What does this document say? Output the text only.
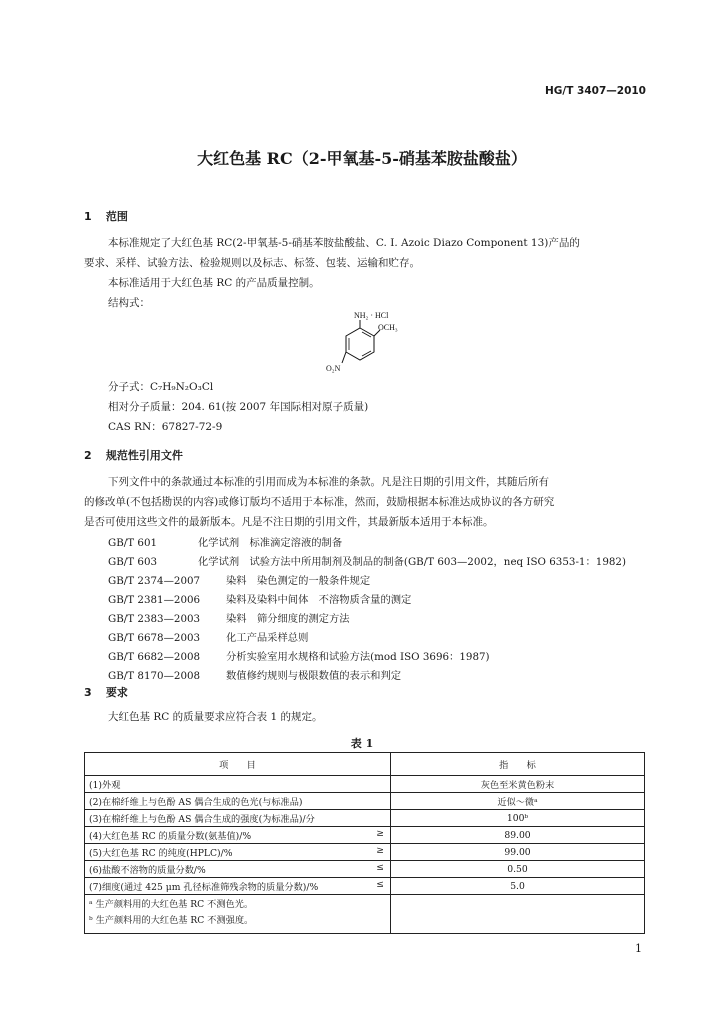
HG/T 3407—2010
大红色基 RC（2-甲氧基-5-硝基苯胺盐酸盐）
1 范围
本标准规定了大红色基 RC(2-甲氧基-5-硝基苯胺盐酸盐、C. I. Azoic Diazo Component 13)产品的
要求、采样、试验方法、检验规则以及标志、标签、包装、运输和贮存。
本标准适用于大红色基 RC 的产品质量控制。
结构式：
NH₂ · HCl
OCH₃
O₂N
分子式：C₇H₉N₂O₃Cl
相对分子质量：204. 61(按 2007 年国际相对原子质量)
CAS RN：67827-72-9
2 规范性引用文件
下列文件中的条款通过本标准的引用而成为本标准的条款。凡是注日期的引用文件，其随后所有
的修改单(不包括勘误的内容)或修订版均不适用于本标准，然而，鼓励根据本标准达成协议的各方研究
是否可使用这些文件的最新版本。凡是不注日期的引用文件，其最新版本适用于本标准。
GB/T 601	化学试剂　标准滴定溶液的制备
GB/T 603	化学试剂　试验方法中所用制剂及制品的制备(GB/T 603—2002，neq ISO 6353-1：1982)
GB/T 2374—2007	染料　染色测定的一般条件规定
GB/T 2381—2006	染料及染料中间体　不溶物质含量的测定
GB/T 2383—2003	染料　筛分细度的测定方法
GB/T 6678—2003	化工产品采样总则
GB/T 6682—2008	分析实验室用水规格和试验方法(mod ISO 3696：1987)
GB/T 8170—2008	数值修约规则与极限数值的表示和判定
3 要求
大红色基 RC 的质量要求应符合表 1 的规定。
表 1
项　　目	指　　标
(1)外观	灰色至米黄色粉末
(2)在棉纤维上与色酚 AS 偶合生成的色光(与标准品)	近似～微ᵃ
(3)在棉纤维上与色酚 AS 偶合生成的强度(为标准品)/分	100ᵇ
(4)大红色基 RC 的质量分数(氨基值)/% ≥	89.00
(5)大红色基 RC 的纯度(HPLC)/% ≥	99.00
(6)盐酸不溶物的质量分数/% ≤	0.50
(7)细度(通过 425 μm 孔径标准筛残余物的质量分数)/% ≤	5.0

ᵃ 生产颜料用的大红色基 RC 不测色光。
ᵇ 生产颜料用的大红色基 RC 不测强度。	

1
